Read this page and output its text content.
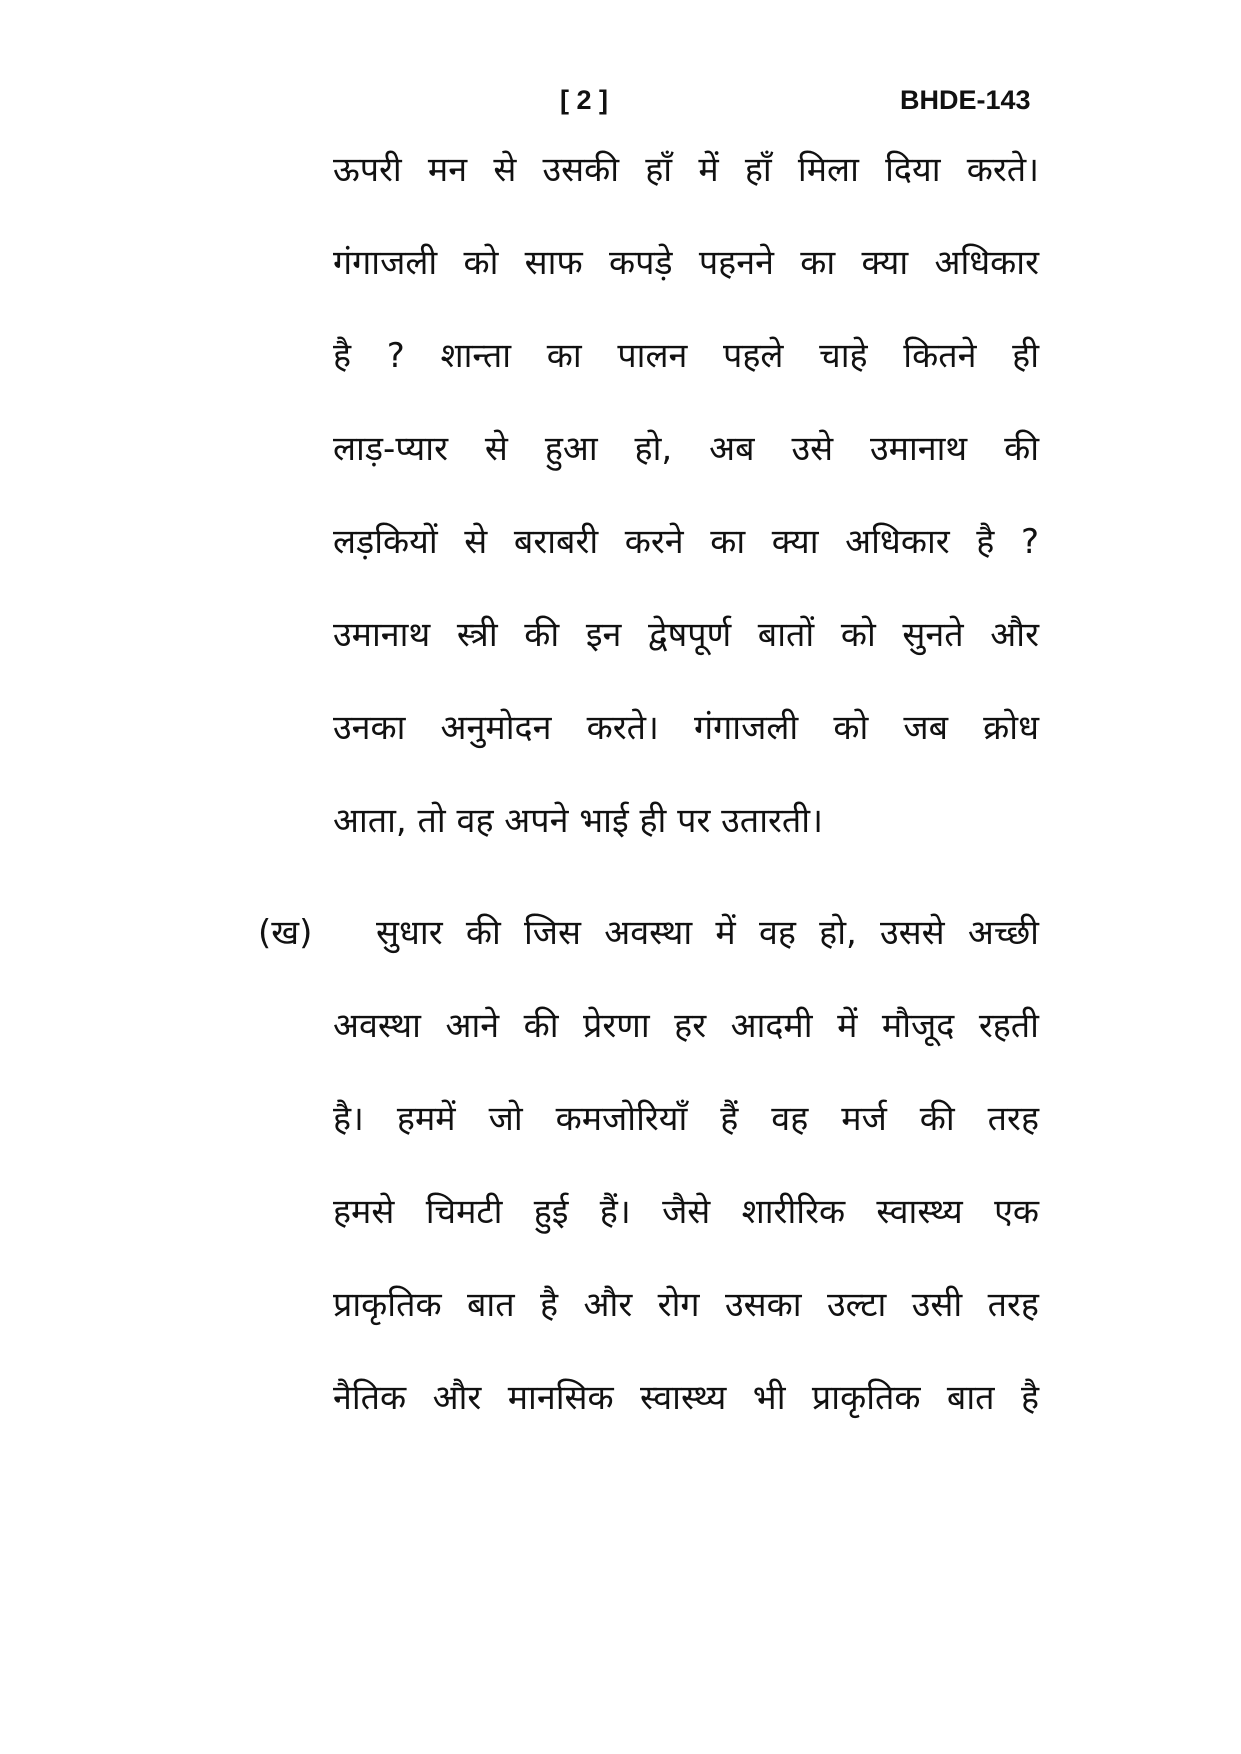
[ 2 ]	BHDE-143
ऊपरी मन से उसकी हाँ में हाँ मिला दिया करते।
गंगाजली को साफ कपड़े पहनने का क्या अधिकार
है ? शान्ता का पालन पहले चाहे कितने ही
लाड़-प्यार से हुआ हो, अब उसे उमानाथ की
लड़कियों से बराबरी करने का क्या अधिकार है ?
उमानाथ स्त्री की इन द्वेषपूर्ण बातों को सुनते और
उनका अनुमोदन करते। गंगाजली को जब क्रोध
आता, तो वह अपने भाई ही पर उतारती।
(ख) सुधार की जिस अवस्था में वह हो, उससे अच्छी
अवस्था आने की प्रेरणा हर आदमी में मौजूद रहती
है। हममें जो कमजोरियाँ हैं वह मर्ज की तरह
हमसे चिमटी हुई हैं। जैसे शारीरिक स्वास्थ्य एक
प्राकृतिक बात है और रोग उसका उल्टा उसी तरह
नैतिक और मानसिक स्वास्थ्य भी प्राकृतिक बात है
